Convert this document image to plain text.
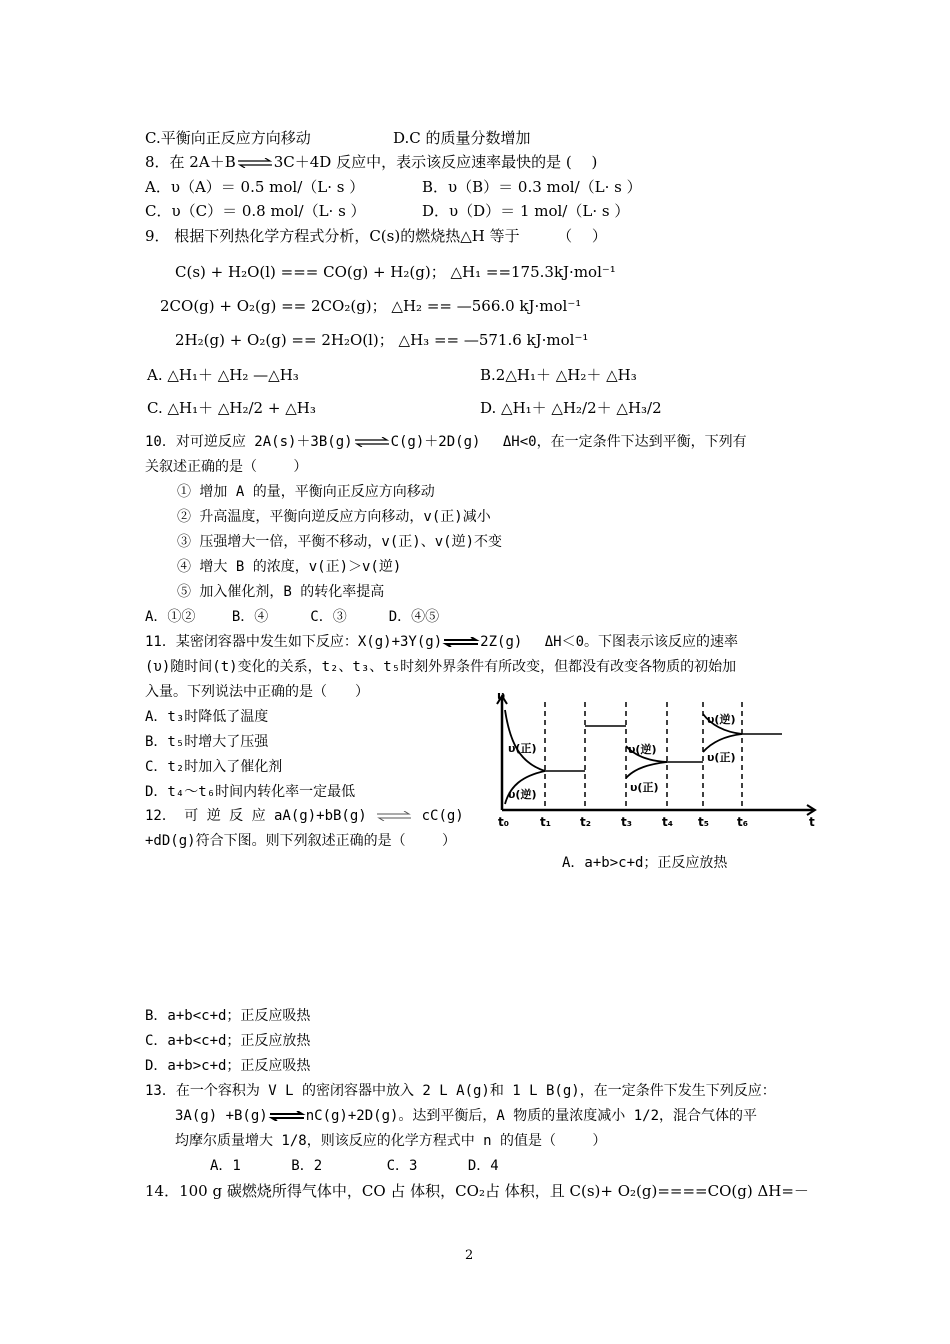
C.平衡向正反应方向移动	D.C 的质量分数增加
8．在 2A＋B⇌3C＋4D 反应中，表示该反应速率最快的是 (　 )
A．υ（A）＝ 0.5 mol/（L· s ）	B．υ（B）＝ 0.3 mol/（L· s ）
C．υ（C）＝ 0.8 mol/（L· s ）	D．υ（D）＝ 1 mol/（L· s ）
9． 根据下列热化学方程式分析，C(s)的燃烧热△H 等于　　　（　 ）
C(s) + H₂O(l) === CO(g) + H₂(g)； △H₁ ==175.3kJ·mol⁻¹
2CO(g) + O₂(g) == 2CO₂(g)； △H₂ == —566.0 kJ·mol⁻¹
2H₂(g) + O₂(g) == 2H₂O(l)； △H₃ == —571.6 kJ·mol⁻¹
A. △H₁＋ △H₂ —△H₃	B.2△H₁＋ △H₂＋ △H₃
C. △H₁＋ △H₂/2 + △H₃	D. △H₁＋ △H₂/2＋ △H₃/2
10．对可逆反应 2A(s)＋3B(g)⇌C(g)＋2D(g)　 ΔH<0，在一定条件下达到平衡，下列有
关叙述正确的是（　　 ）
① 增加 A 的量，平衡向正反应方向移动
② 升高温度，平衡向逆反应方向移动，v(正)减小
③ 压强增大一倍，平衡不移动，v(正)、v(逆)不变
④ 增大 B 的浓度，v(正)＞v(逆)
⑤ 加入催化剂，B 的转化率提高
A．①②　　 B．④　　　C．③　　　D．④⑤
11．某密闭容器中发生如下反应：X(g)+3Y(g)⇌2Z(g)　 ΔH＜0。下图表示该反应的速率
(υ)随时间(t)变化的关系，t₂、t₃、t₅时刻外界条件有所改变，但都没有改变各物质的初始加
入量。下列说法中正确的是（　　）
A．t₃时降低了温度
B．t₅时增大了压强
C．t₂时加入了催化剂
D．t₄～t₆时间内转化率一定最低
12． 可 逆 反 应 aA(g)+bB(g) ⇌ cC(g)
+dD(g)符合下图。则下列叙述正确的是（　　 ）
A．a+b>c+d；正反应放热
υ
t
t₀	t₁ t₂	t₃	t₄ t₅ t₆
υ(正)
υ(逆)
υ(逆)
υ(正)
υ(逆)
υ(正)
B．a+b<c+d；正反应吸热
C．a+b<c+d；正反应放热
D．a+b>c+d；正反应吸热
13．在一个容积为 V L 的密闭容器中放入 2 L A(g)和 1 L B(g)，在一定条件下发生下列反应：
3A(g) +B(g)⇌nC(g)+2D(g)。达到平衡后，A 物质的量浓度减小 1/2，混合气体的平
均摩尔质量增大 1/8，则该反应的化学方程式中 n 的值是（　　 ）
A．1　　　 B．2　　　　 C．3　　　 D．4
14．100 g 碳燃烧所得气体中，CO 占 体积，CO₂占 体积，且 C(s)+ O₂(g)====CO(g) ΔH=－
2
